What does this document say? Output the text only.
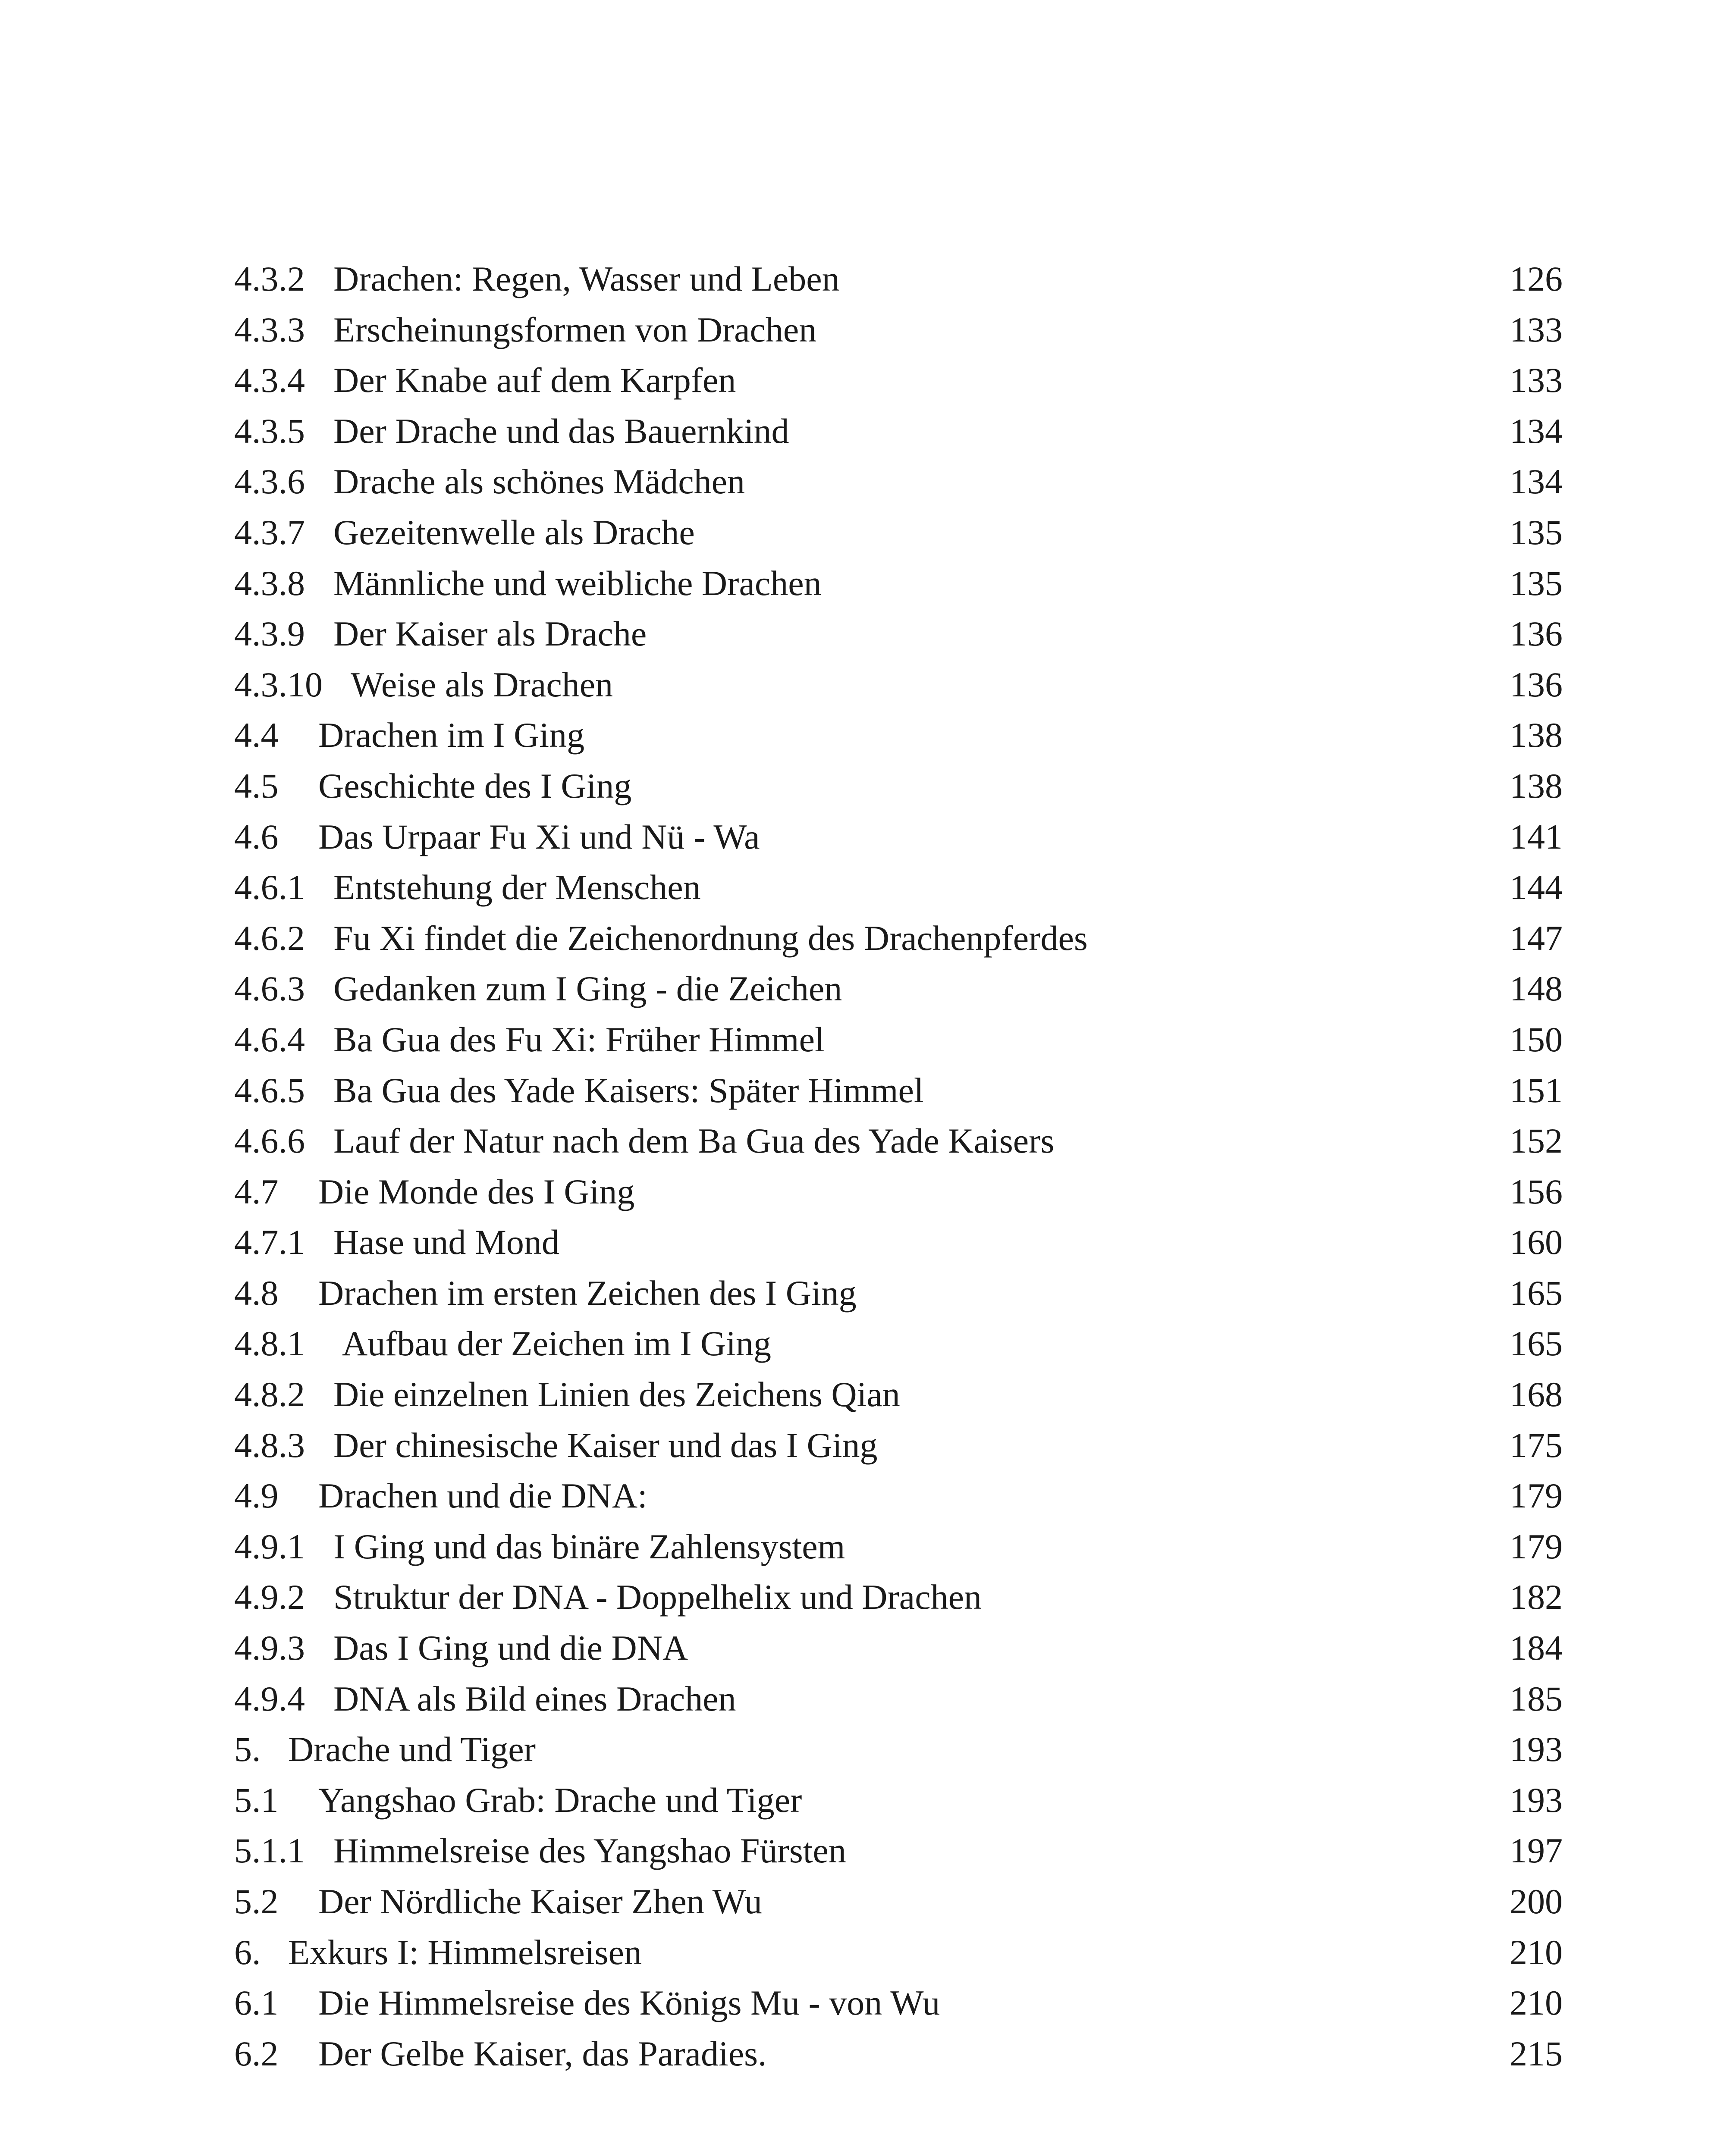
4.3.2 Drachen: Regen, Wasser und Leben	126
4.3.3 Erscheinungsformen von Drachen	133
4.3.4 Der Knabe auf dem Karpfen	133
4.3.5 Der Drache und das Bauernkind	134
4.3.6 Drache als schönes Mädchen	134
4.3.7 Gezeitenwelle als Drache	135
4.3.8 Männliche und weibliche Drachen	135
4.3.9 Der Kaiser als Drache	136
4.3.10 Weise als Drachen	136
4.4 Drachen im I Ging	138
4.5 Geschichte des I Ging	138
4.6 Das Urpaar Fu Xi und Nü - Wa	141
4.6.1 Entstehung der Menschen	144
4.6.2 Fu Xi findet die Zeichenordnung des Drachenpferdes	147
4.6.3 Gedanken zum I Ging - die Zeichen	148
4.6.4 Ba Gua des Fu Xi: Früher Himmel	150
4.6.5 Ba Gua des Yade Kaisers: Später Himmel	151
4.6.6 Lauf der Natur nach dem Ba Gua des Yade Kaisers	152
4.7 Die Monde des I Ging	156
4.7.1 Hase und Mond	160
4.8 Drachen im ersten Zeichen des I Ging	165
4.8.1 Aufbau der Zeichen im I Ging	165
4.8.2 Die einzelnen Linien des Zeichens Qian	168
4.8.3 Der chinesische Kaiser und das I Ging	175
4.9 Drachen und die DNA:	179
4.9.1 I Ging und das binäre Zahlensystem	179
4.9.2 Struktur der DNA - Doppelhelix und Drachen	182
4.9.3 Das I Ging und die DNA	184
4.9.4 DNA als Bild eines Drachen	185
5. Drache und Tiger	193
5.1 Yangshao Grab: Drache und Tiger	193
5.1.1 Himmelsreise des Yangshao Fürsten	197
5.2 Der Nördliche Kaiser Zhen Wu	200
6. Exkurs I: Himmelsreisen	210
6.1 Die Himmelsreise des Königs Mu - von Wu	210
6.2 Der Gelbe Kaiser, das Paradies.	215
